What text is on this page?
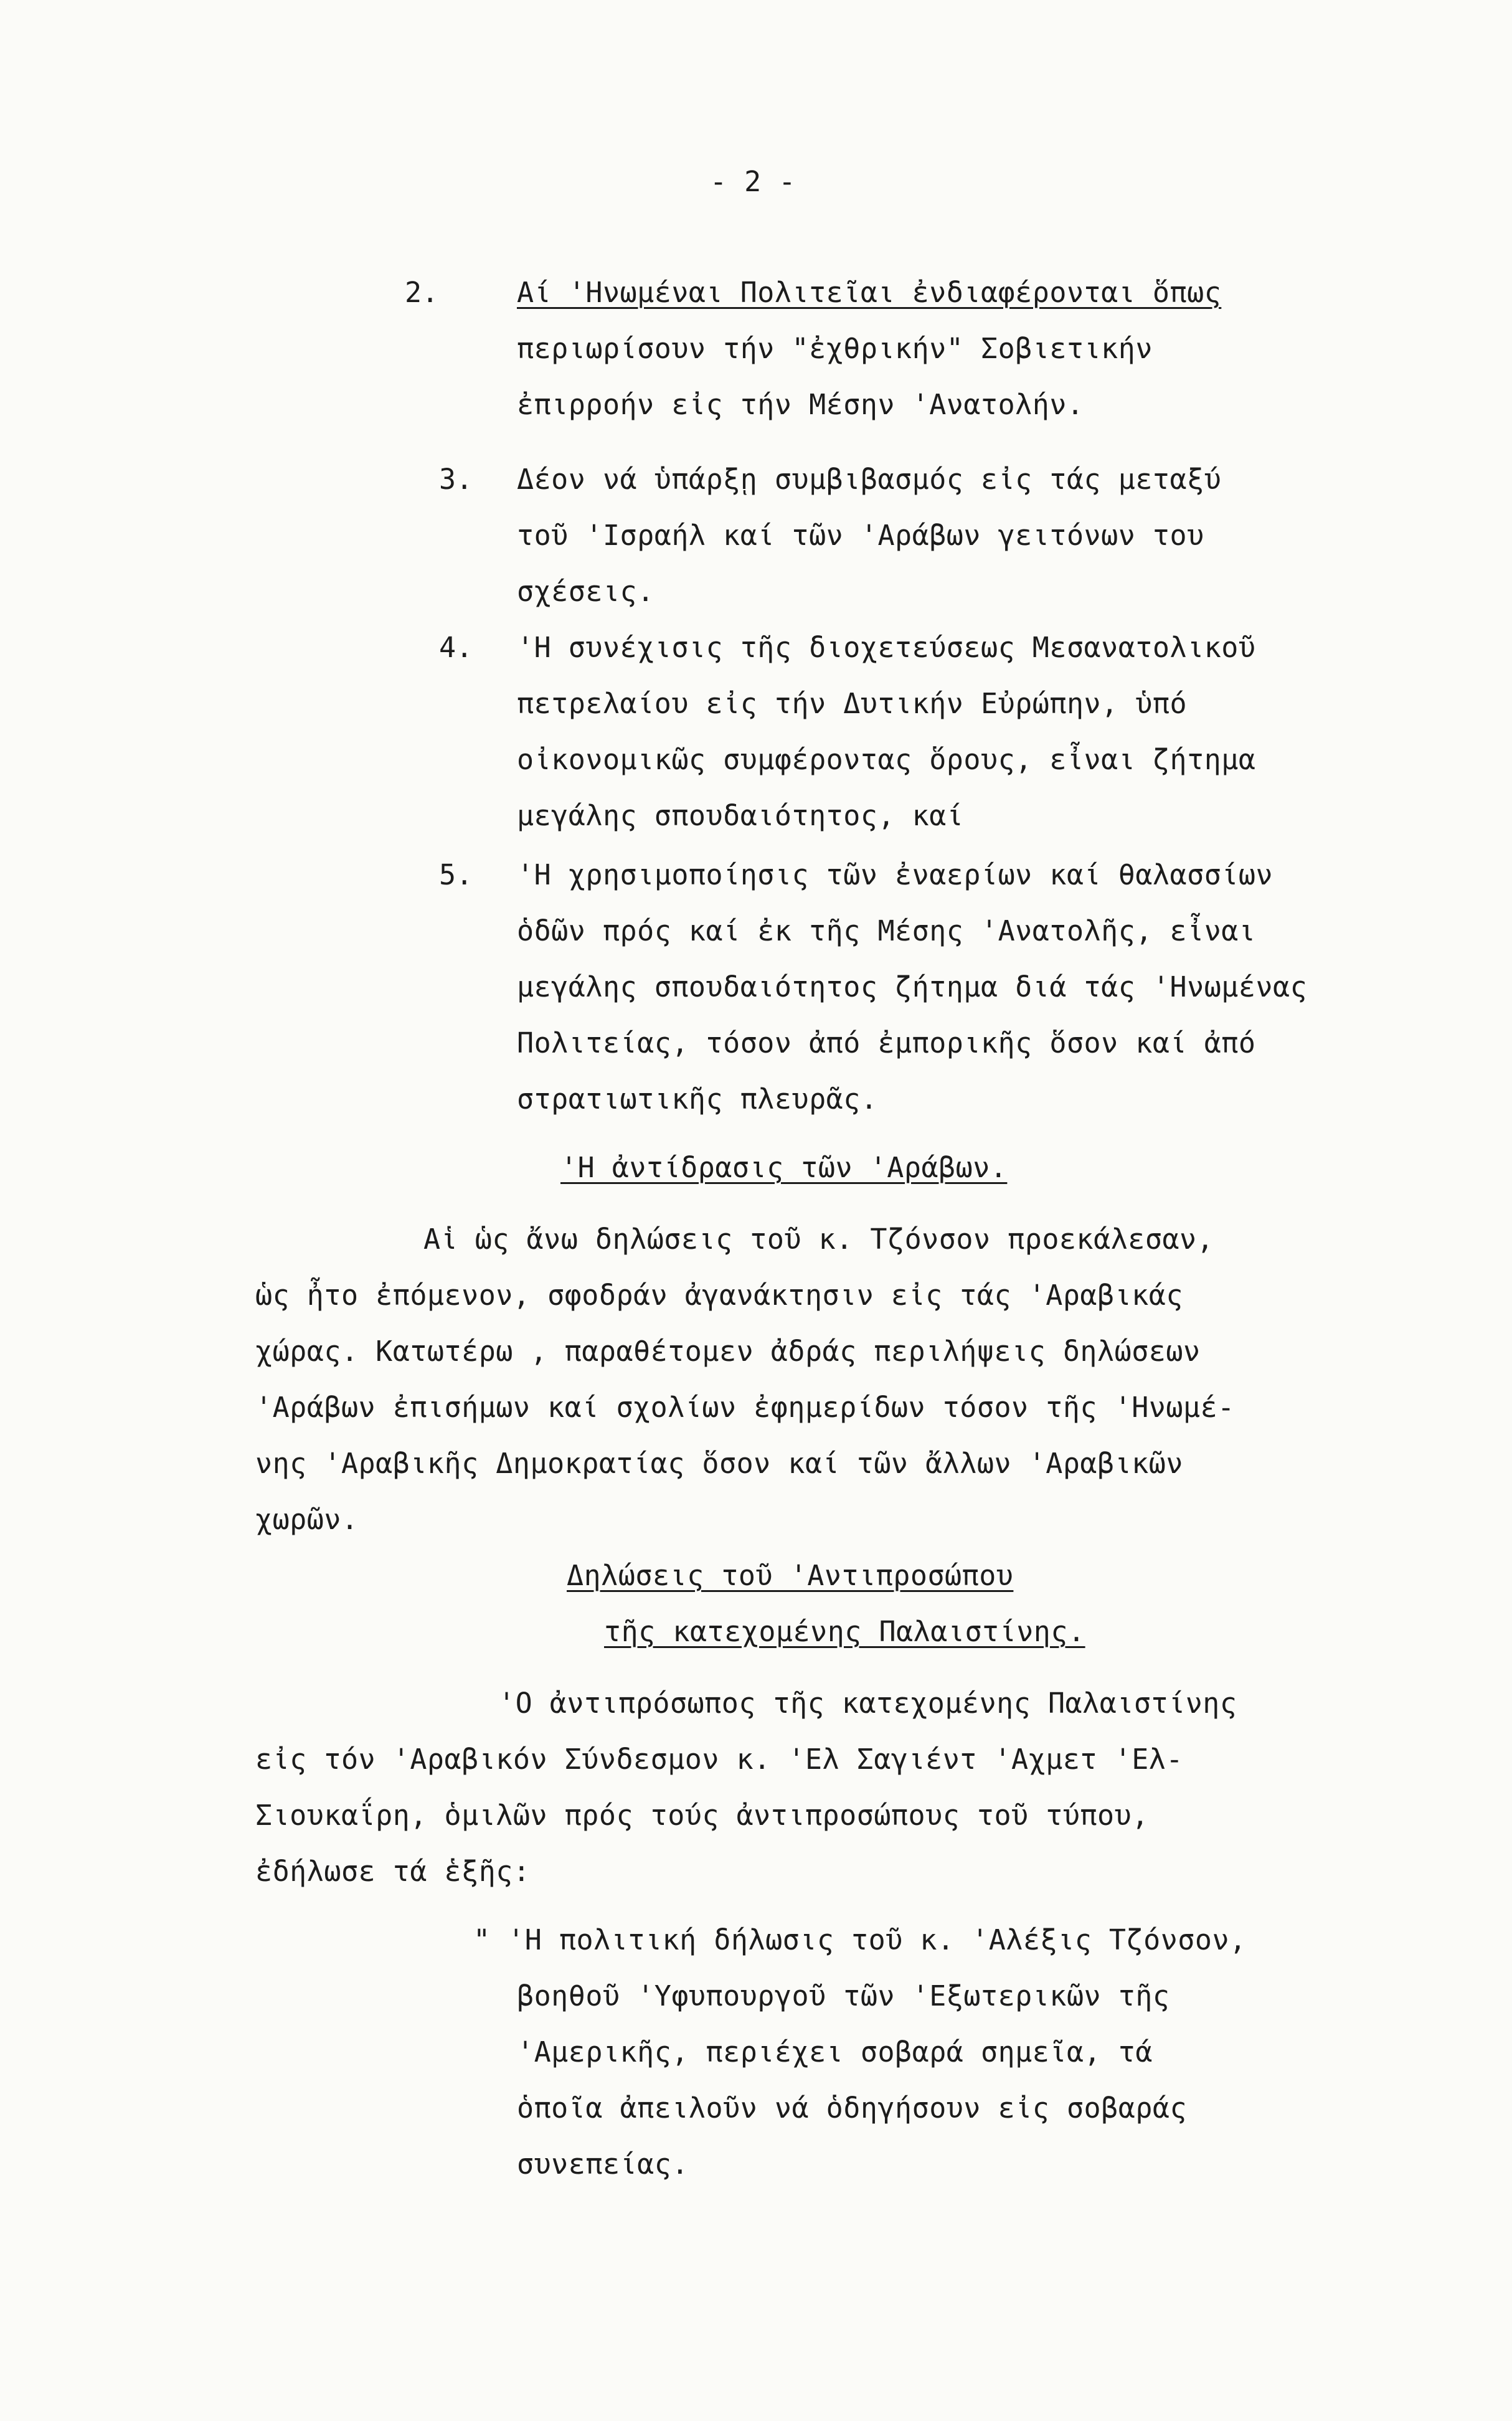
- 2 -
2.	Αί 'Ηνωμέναι Πολιτεῖαι ἐνδιαφέρονται ὅπως
περιωρίσουν τήν "ἐχθρικήν" Σοβιετικήν
ἐπιρροήν εἰς τήν Μέσην 'Ανατολήν.
3. Δέον νά ὑπάρξῃ συμβιβασμός εἰς τάς μεταξύ
τοῦ 'Ισραήλ καί τῶν 'Αράβων γειτόνων του
σχέσεις.
4. 'Η συνέχισις τῆς διοχετεύσεως Μεσανατολικοῦ
πετρελαίου εἰς τήν Δυτικήν Εὐρώπην, ὑπό
οἰκονομικῶς συμφέροντας ὅρους, εἶναι ζήτημα
μεγάλης σπουδαιότητος, καί
5. 'Η χρησιμοποίησις τῶν ἐναερίων καί θαλασσίων
ὁδῶν πρός καί ἐκ τῆς Μέσης 'Ανατολῆς, εἶναι
μεγάλης σπουδαιότητος ζήτημα διά τάς 'Ηνωμένας
Πολιτείας, τόσον ἀπό ἐμπορικῆς ὅσον καί ἀπό
στρατιωτικῆς πλευρᾶς.
'Η ἀντίδρασις τῶν 'Αράβων.
Αἱ ὡς ἄνω δηλώσεις τοῦ κ. Τζόνσον προεκάλεσαν,
ὡς ἦτο ἐπόμενον, σφοδράν ἀγανάκτησιν εἰς τάς 'Αραβικάς
χώρας. Κατωτέρω , παραθέτομεν ἀδράς περιλήψεις δηλώσεων
'Αράβων ἐπισήμων καί σχολίων ἐφημερίδων τόσον τῆς 'Ηνωμέ-
νης 'Αραβικῆς Δημοκρατίας ὅσον καί τῶν ἄλλων 'Αραβικῶν
χωρῶν.
Δηλώσεις τοῦ 'Αντιπροσώπου
τῆς κατεχομένης Παλαιστίνης.
'Ο ἀντιπρόσωπος τῆς κατεχομένης Παλαιστίνης
εἰς τόν 'Αραβικόν Σύνδεσμον κ. 'Ελ Σαγιέντ 'Αχμετ 'Ελ-
Σιουκαΐρη, ὁμιλῶν πρός τούς ἀντιπροσώπους τοῦ τύπου,
ἐδήλωσε τά ἑξῆς:
" 'Η πολιτική δήλωσις τοῦ κ. 'Αλέξις Τζόνσον,
βοηθοῦ 'Υφυπουργοῦ τῶν 'Εξωτερικῶν τῆς
'Αμερικῆς, περιέχει σοβαρά σημεῖα, τά
ὁποῖα ἀπειλοῦν νά ὁδηγήσουν εἰς σοβαράς
συνεπείας.
